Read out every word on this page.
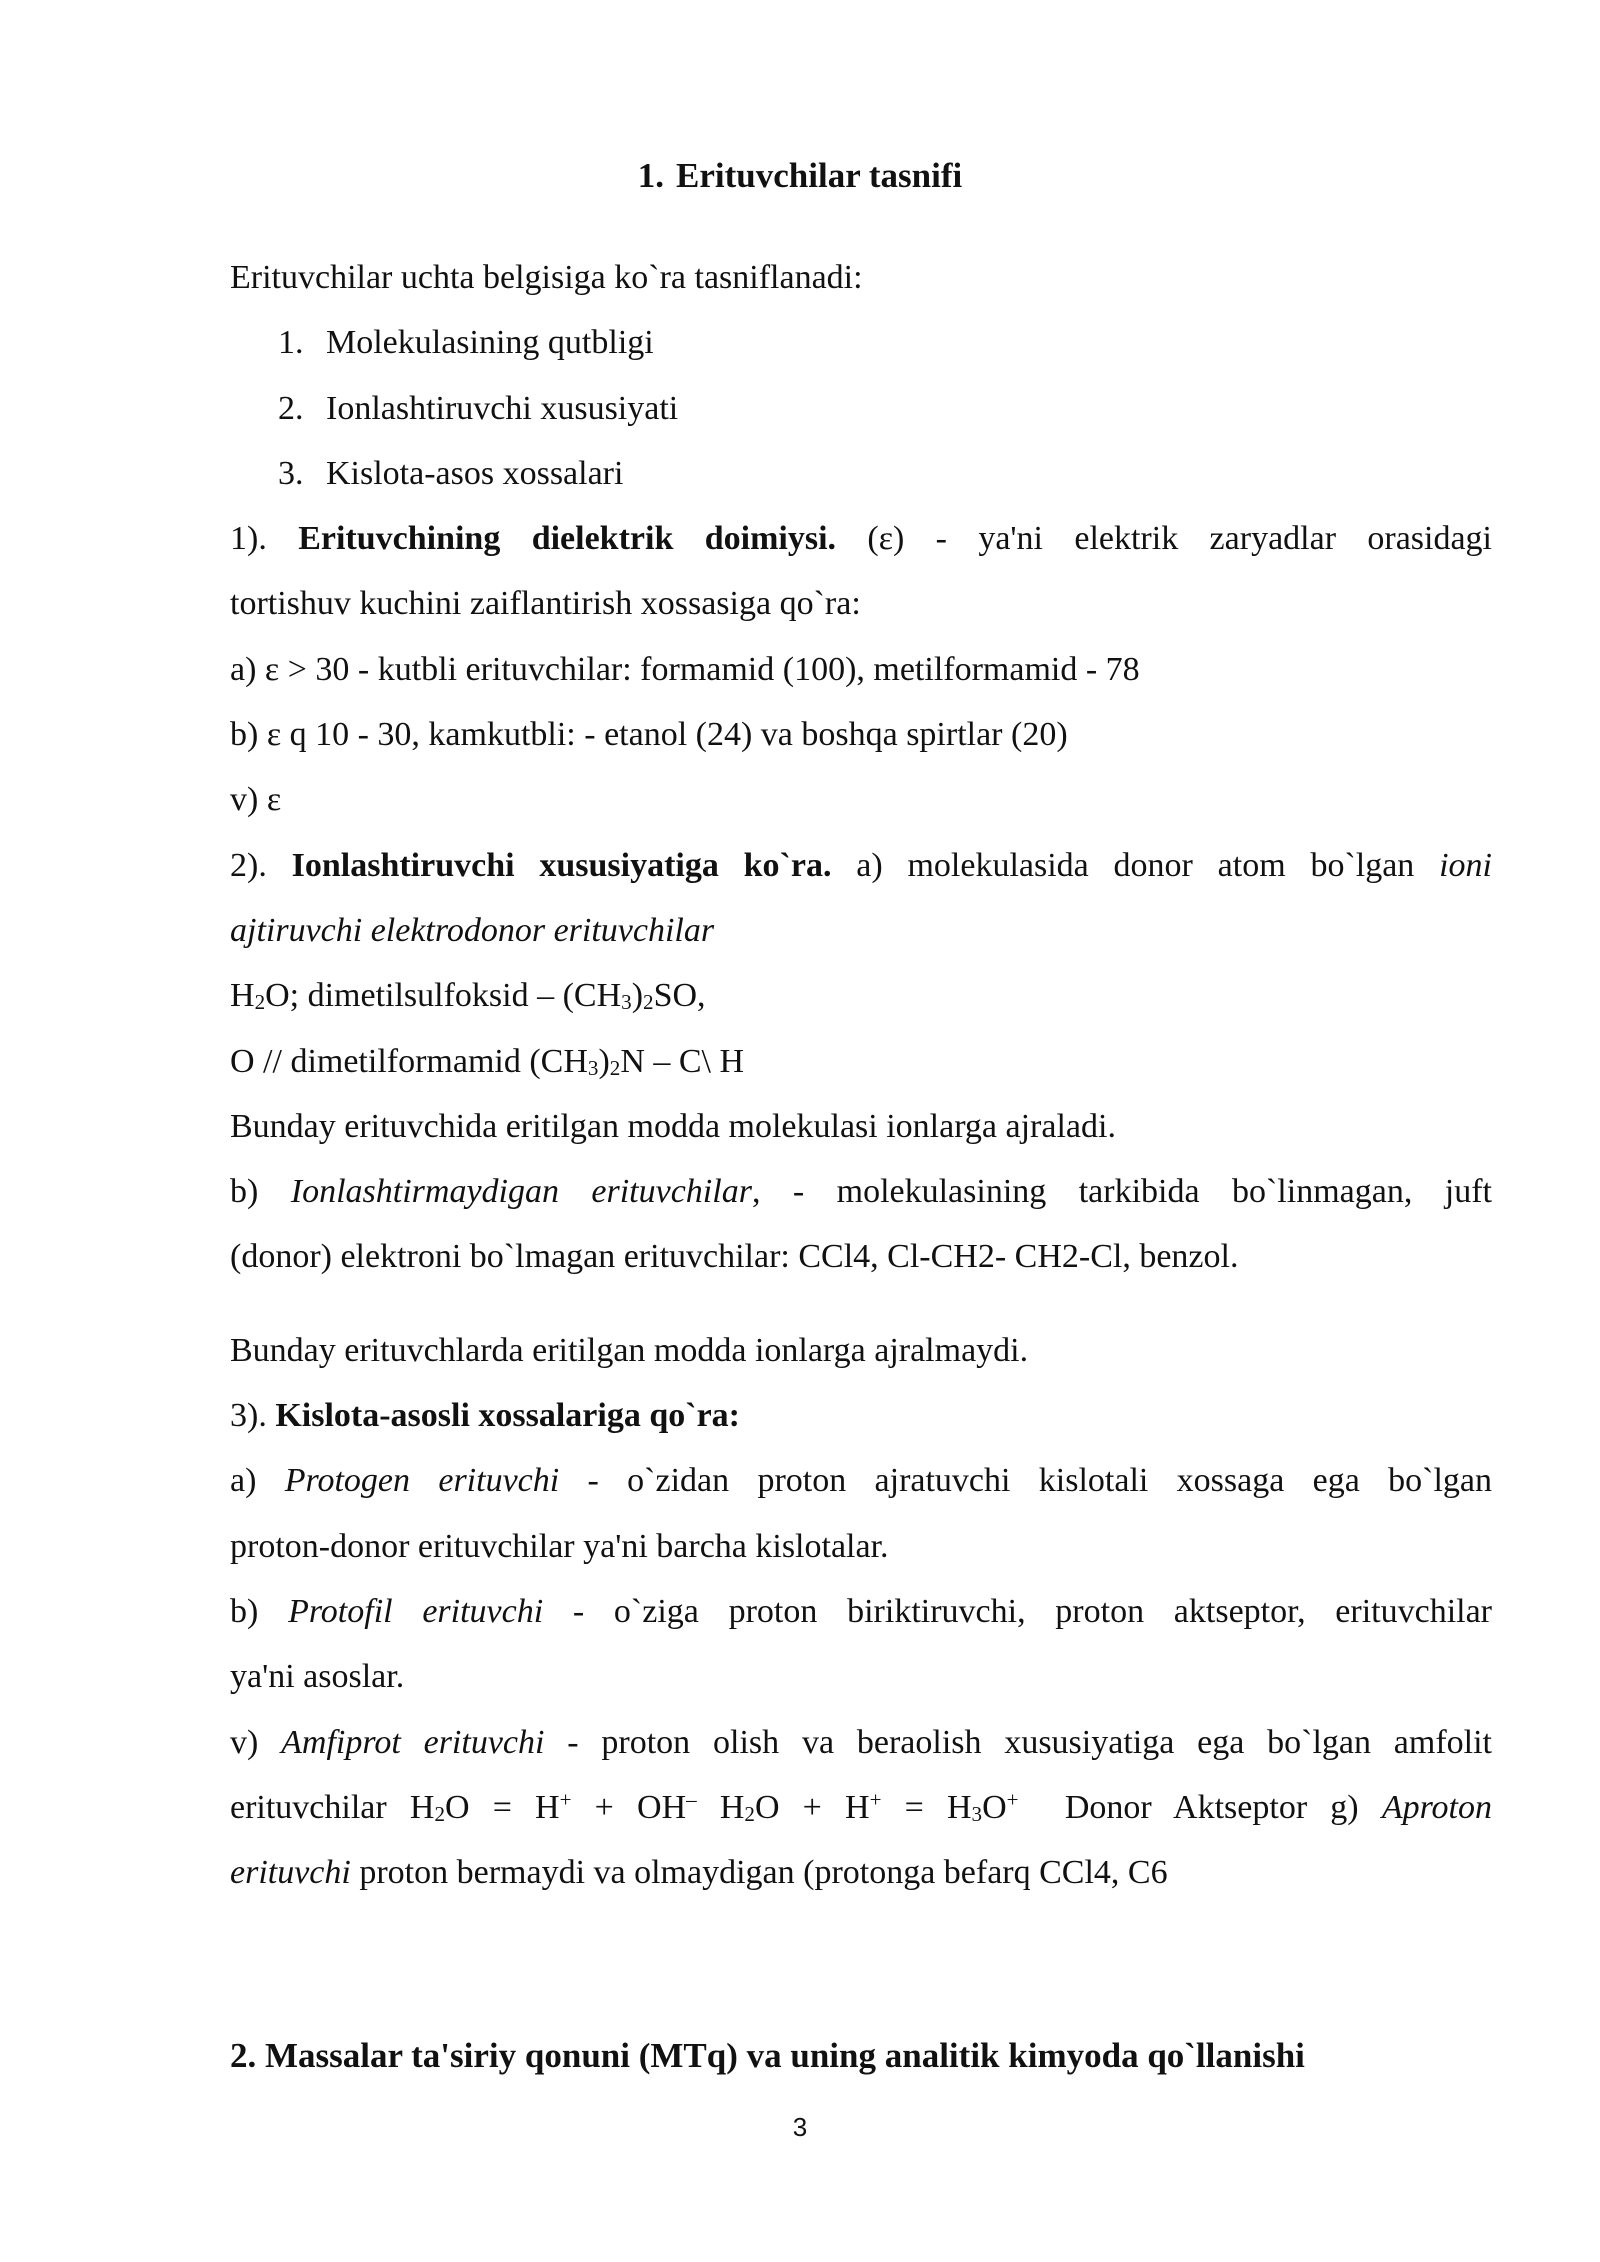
1. Erituvchilar tasnifi
Erituvchilar uchta belgisiga ko`ra tasniflanadi:
1. Molekulasining qutbligi
2. Ionlashtiruvchi xususiyati
3. Kislota-asos xossalari
1). Erituvchining dielektrik doimiysi. (ε) - ya'ni elektrik zaryadlar orasidagi
tortishuv kuchini zaiflantirish xossasiga qo`ra:
a) ε > 30 - kutbli erituvchilar: formamid (100), metilformamid - 78
b) ε q 10 - 30, kamkutbli: - etanol (24) va boshqa spirtlar (20)
v) ε
2). Ionlashtiruvchi xususiyatiga ko`ra. a) molekulasida donor atom bo`lgan ioni
ajtiruvchi elektrodonor erituvchilar
$H_2O$; dimetilsulfoksid – $(CH_3)_2SO$,
O // dimetilformamid $(CH_3)_2N$ – C\ H
Bunday erituvchida eritilgan modda molekulasi ionlarga ajraladi.
b) Ionlashtirmaydigan erituvchilar, - molekulasining tarkibida bo`linmagan, juft
(donor) elektroni bo`lmagan erituvchilar: CCl4, Cl-CH2- CH2-Cl, benzol.
Bunday erituvchlarda eritilgan modda ionlarga ajralmaydi.
3). Kislota-asosli xossalariga qo`ra:
a) Protogen erituvchi - o`zidan proton ajratuvchi kislotali xossaga ega bo`lgan
proton-donor erituvchilar ya'ni barcha kislotalar.
b) Protofil erituvchi - o`ziga proton biriktiruvchi, proton aktseptor, erituvchilar
ya'ni asoslar.
v) Amfiprot erituvchi - proton olish va beraolish xususiyatiga ega bo`lgan amfolit
erituvchilar $H_2O = H^+ + OH^-$ $H_2O + H^+ = H_3O^+$  Donor Aktseptor g) Aproton
erituvchi proton bermaydi va olmaydigan (protonga befarq CCl4, C6
2. Massalar ta'siriy qonuni (MTq) va uning analitik kimyoda qo`llanishi
3
